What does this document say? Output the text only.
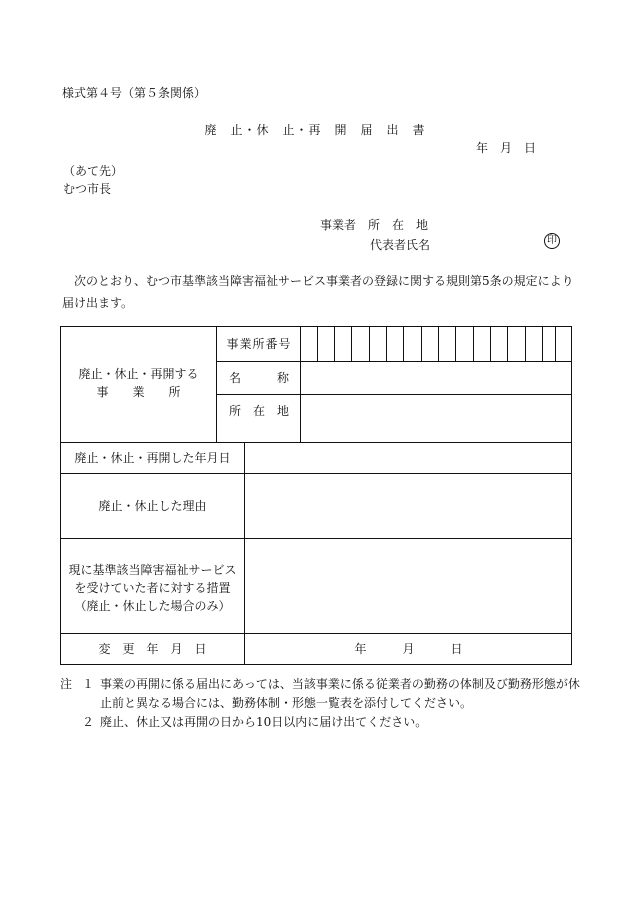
様式第４号（第５条関係）
廃　止・休　止・再　開　届　出　書
年　月　日
（あて先）
むつ市長
事業者　所　在　地
代表者氏名	印
次のとおり、むつ市基準該当障害福祉サービス事業者の登録に関する規則第5条の規定により届け出ます。
廃止・休止・再開する
事　　業　　所
事業所番号
名　　　称
所　在　地
廃止・休止・再開した年月日
廃止・休止した理由
現に基準該当障害福祉サービス
を受けていた者に対する措置
（廃止・休止した場合のみ）
変　更　年　月　日	年　　　月　　　日
注 １ 事業の再開に係る届出にあっては、当該事業に係る従業者の勤務の体制及び勤務形態が休
止前と異なる場合には、勤務体制・形態一覧表を添付してください。
２ 廃止、休止又は再開の日から10日以内に届け出てください。
